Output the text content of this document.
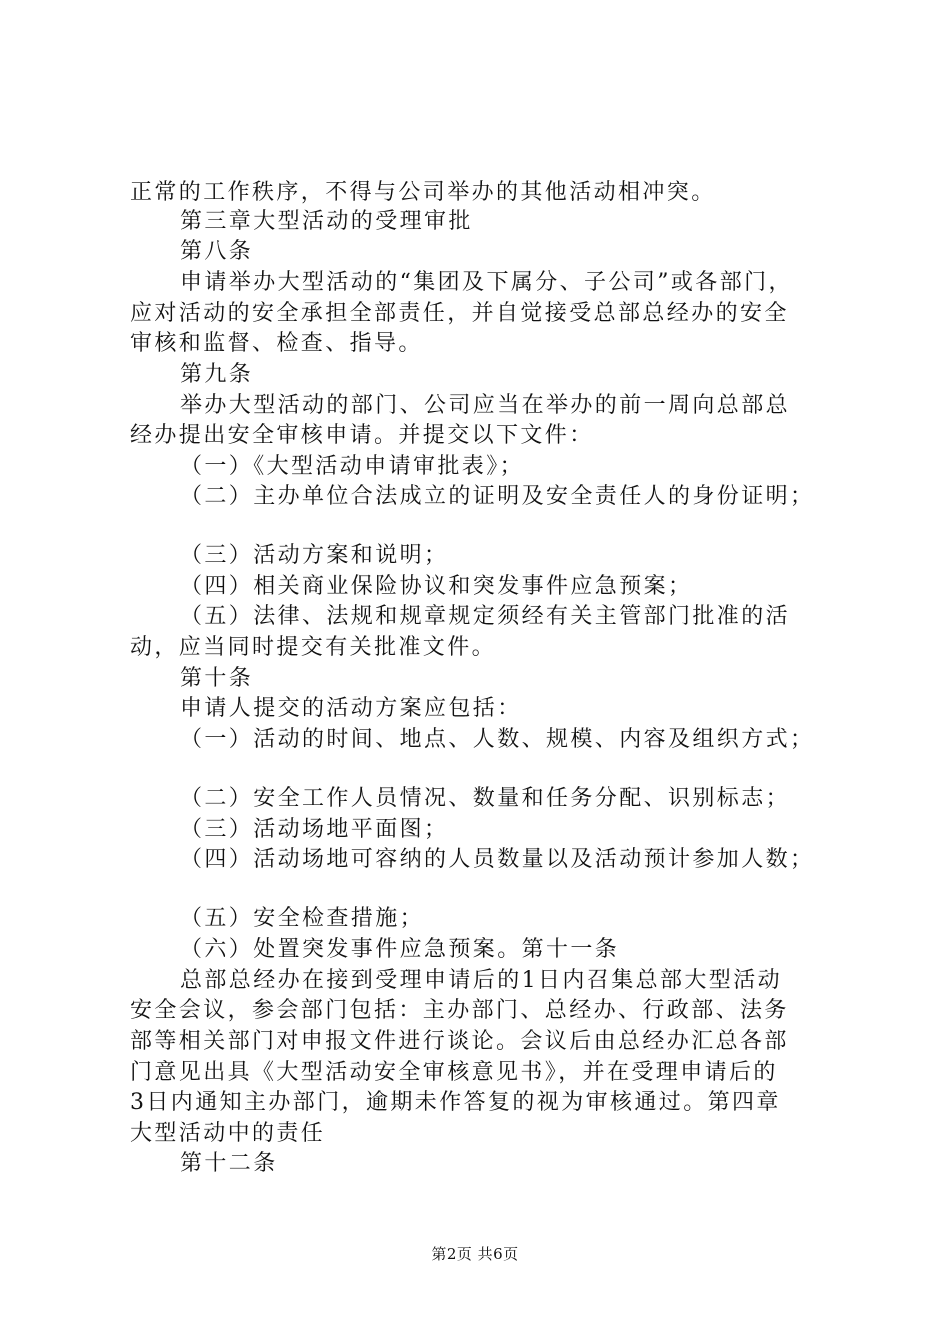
正常的工作秩序，不得与公司举办的其他活动相冲突。
第三章大型活动的受理审批
第八条
申请举办大型活动的“集团及下属分、子公司”或各部门，
应对活动的安全承担全部责任，并自觉接受总部总经办的安全
审核和监督、检查、指导。
第九条
举办大型活动的部门、公司应当在举办的前一周向总部总
经办提出安全审核申请。并提交以下文件：
（一）《大型活动申请审批表》；
（二）主办单位合法成立的证明及安全责任人的身份证明；
（三）活动方案和说明；
（四）相关商业保险协议和突发事件应急预案；
（五）法律、法规和规章规定须经有关主管部门批准的活
动，应当同时提交有关批准文件。
第十条
申请人提交的活动方案应包括：
（一）活动的时间、地点、人数、规模、内容及组织方式；
（二）安全工作人员情况、数量和任务分配、识别标志；
（三）活动场地平面图；
（四）活动场地可容纳的人员数量以及活动预计参加人数；
（五）安全检查措施；
（六）处置突发事件应急预案。第十一条
总部总经办在接到受理申请后的1日内召集总部大型活动
安全会议，参会部门包括：主办部门、总经办、行政部、法务
部等相关部门对申报文件进行谈论。会议后由总经办汇总各部
门意见出具《大型活动安全审核意见书》，并在受理申请后的
3日内通知主办部门，逾期未作答复的视为审核通过。第四章
大型活动中的责任
第十二条
第2页 共6页
